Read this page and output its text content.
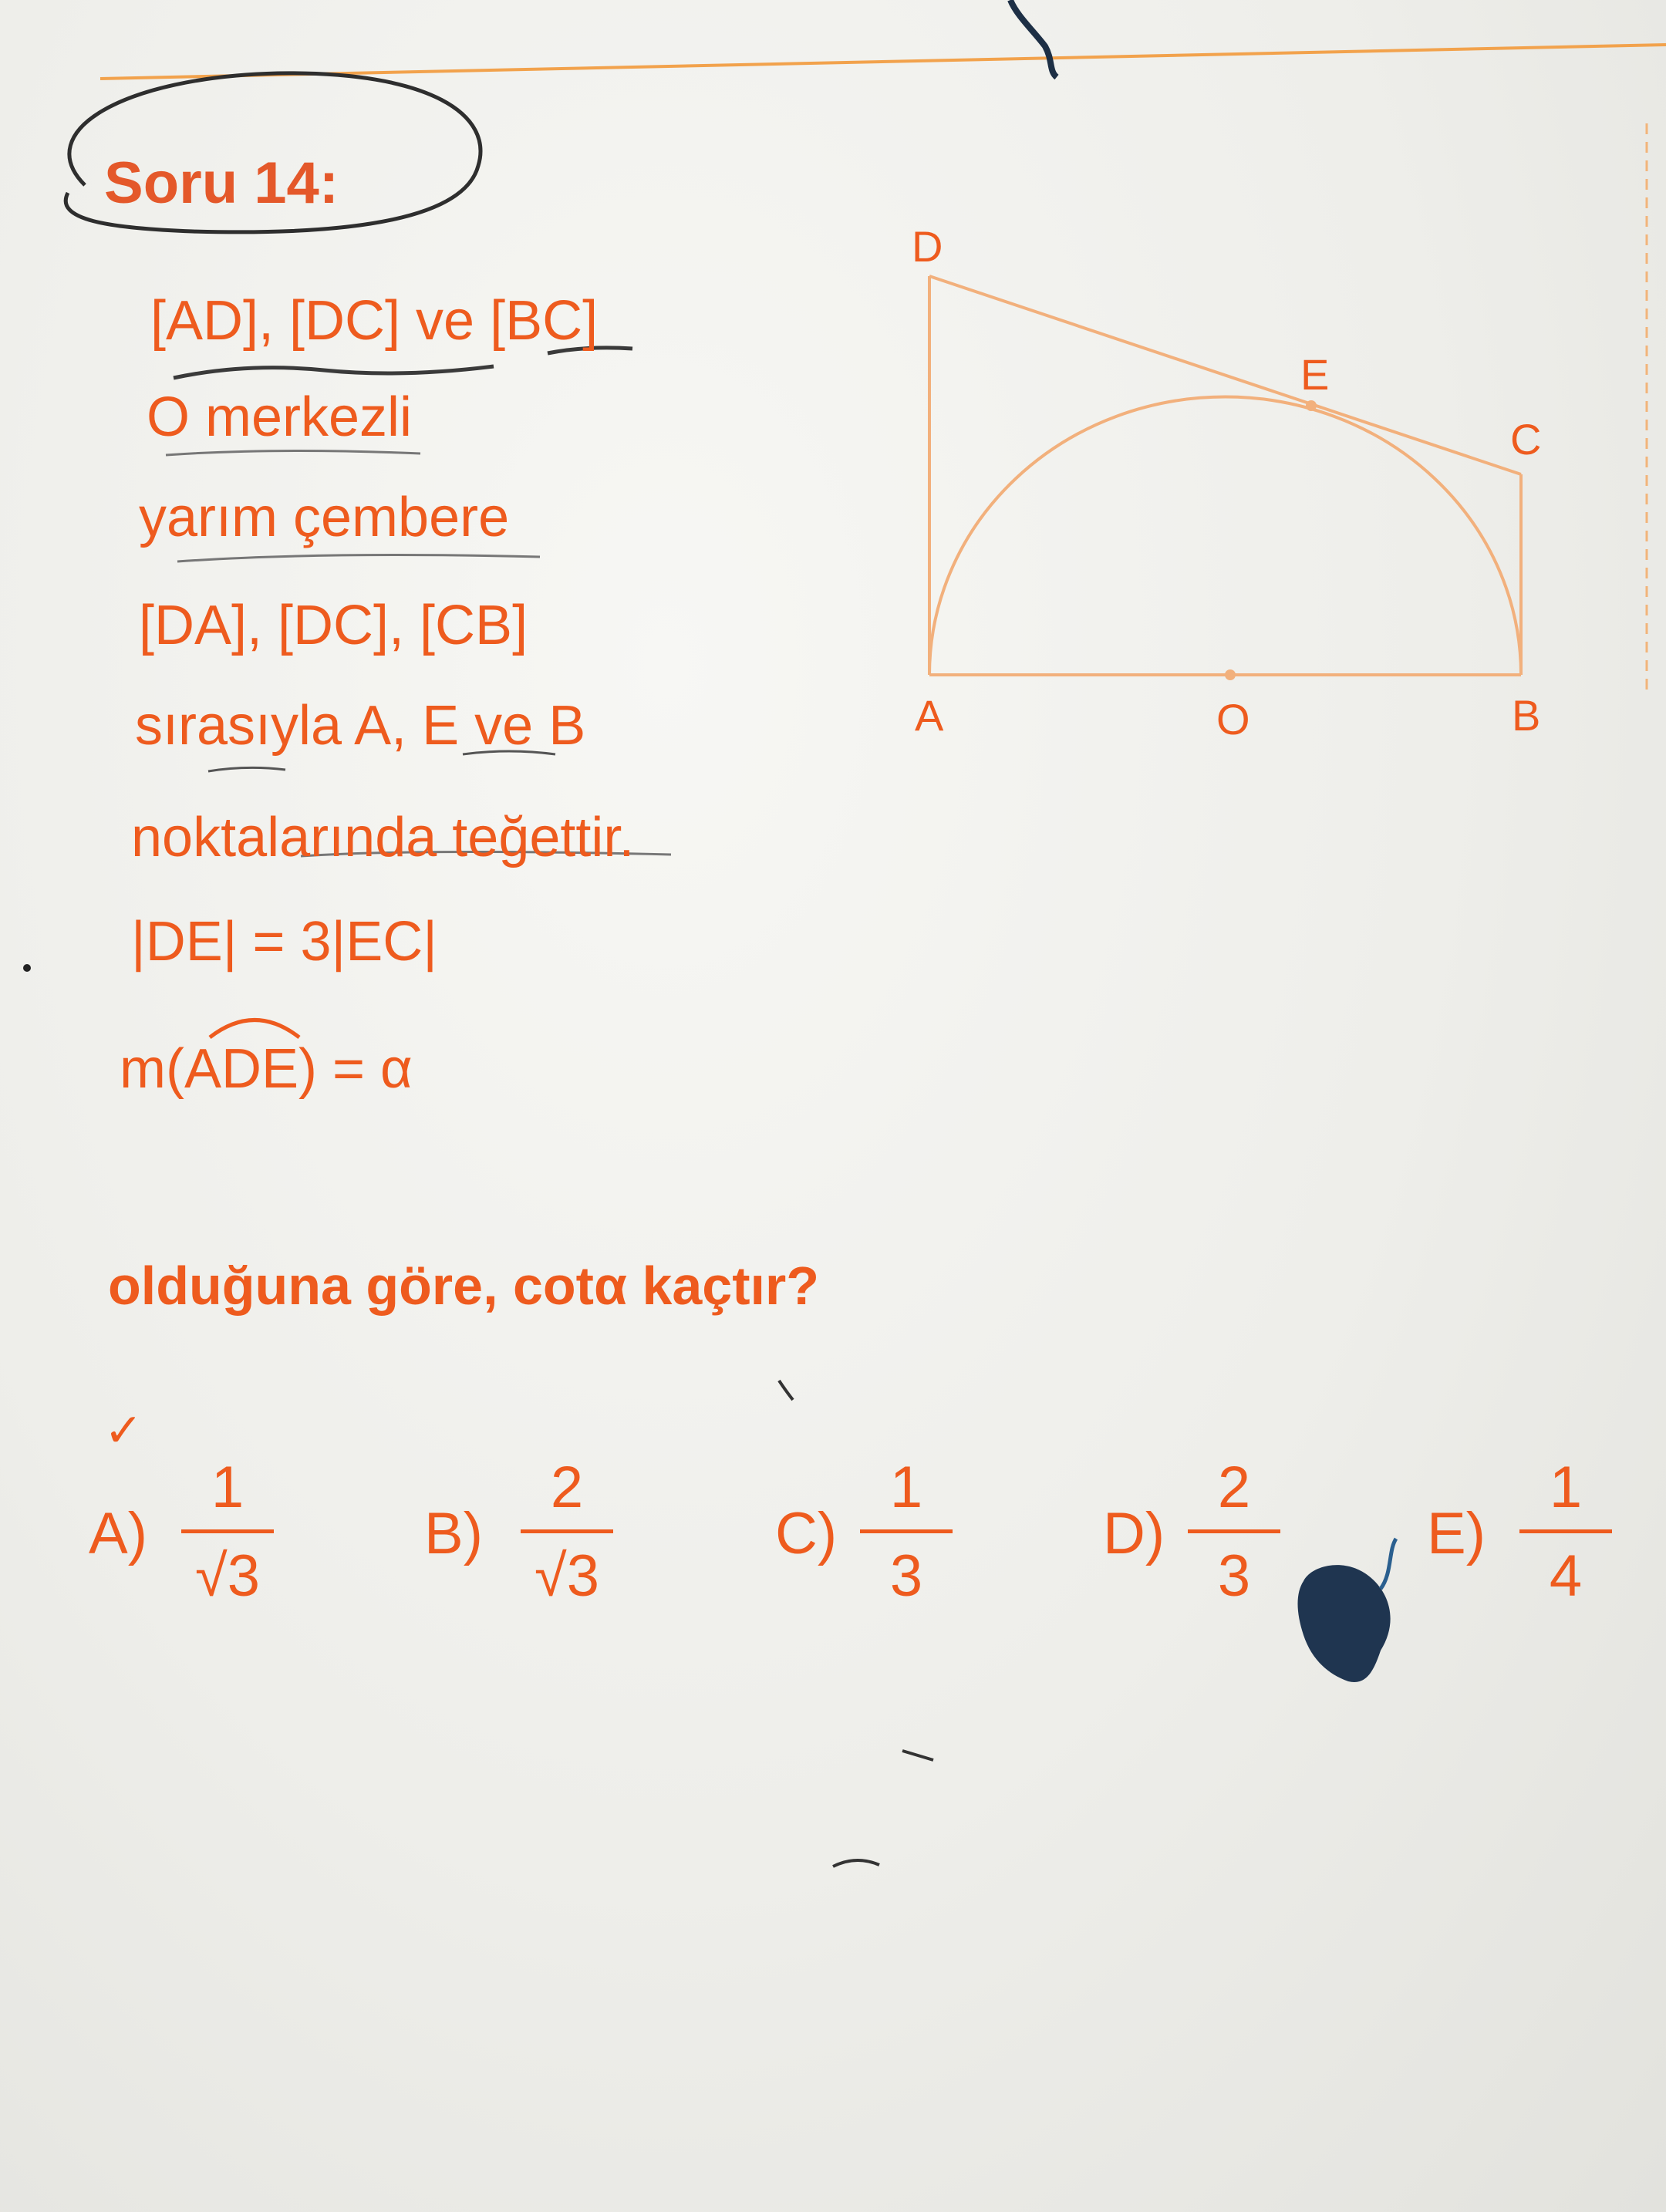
Soru 14:
[AD], [DC] ve [BC]
O merkezli
yarım çembere
[DA], [DC], [CB]
sırasıyla A, E ve B
noktalarında teğettir.
|DE| = 3|EC|
m(ADE) = α
D
E
C
A	O	B
olduğuna göre, cotα kaçtır?
✓
A)
1
√3
B)
2
√3
C)
1
3
D)
2
3
E)
1
4
